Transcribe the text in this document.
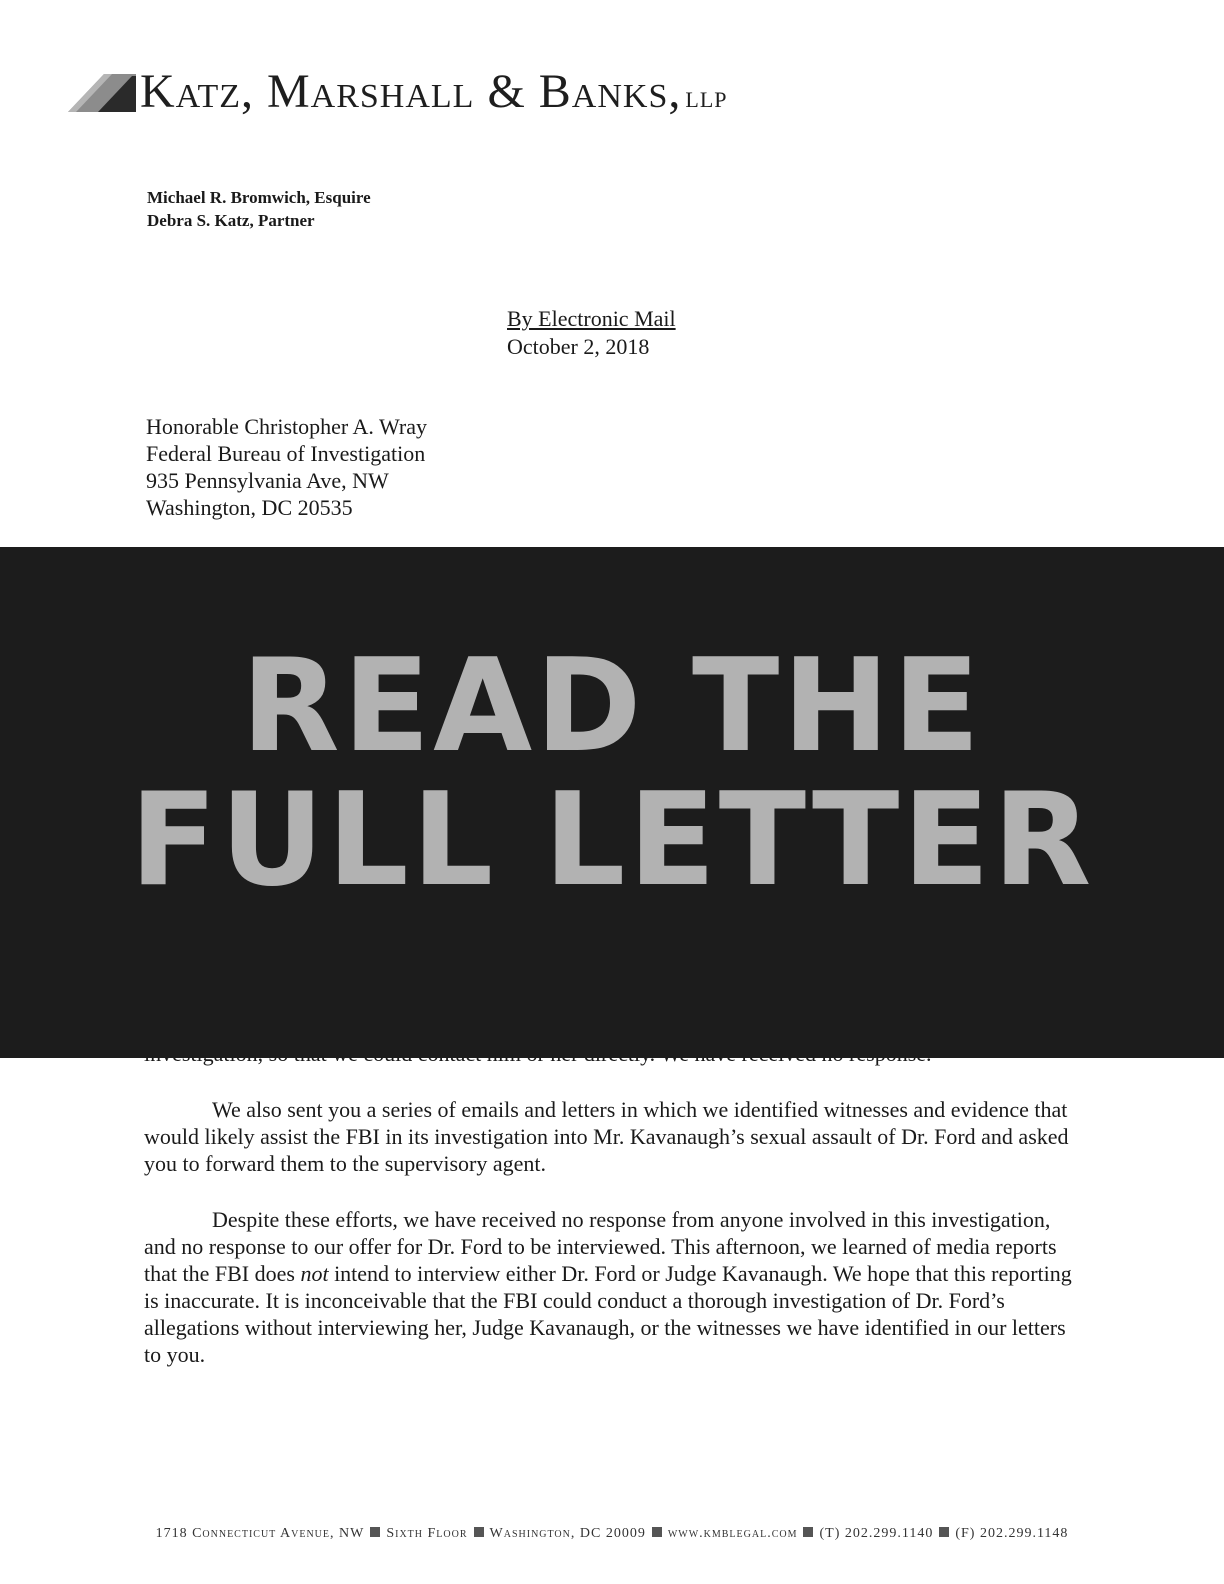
Katz, Marshall & Banks, LLP
Michael R. Bromwich, Esquire
Debra S. Katz, Partner
By Electronic Mail
October 2, 2018
Honorable Christopher A. Wray
Federal Bureau of Investigation
935 Pennsylvania Ave, NW
Washington, DC 20535
READ THE
FULL LETTER

We also sent you a series of emails and letters in which we identified witnesses and evidence that would likely assist the FBI in its investigation into Mr. Kavanaugh’s sexual assault of Dr. Ford and asked you to forward them to the supervisory agent.

Despite these efforts, we have received no response from anyone involved in this investigation, and no response to our offer for Dr. Ford to be interviewed. This afternoon, we learned of media reports that the FBI does not intend to interview either Dr. Ford or Judge Kavanaugh. We hope that this reporting is inaccurate. It is inconceivable that the FBI could conduct a thorough investigation of Dr. Ford’s allegations without interviewing her, Judge Kavanaugh, or the witnesses we have identified in our letters to you.

1718 Connecticut Avenue, NW Sixth Floor Washington, DC 20009 www.kmblegal.com (T) 202.299.1140 (F) 202.299.1148
